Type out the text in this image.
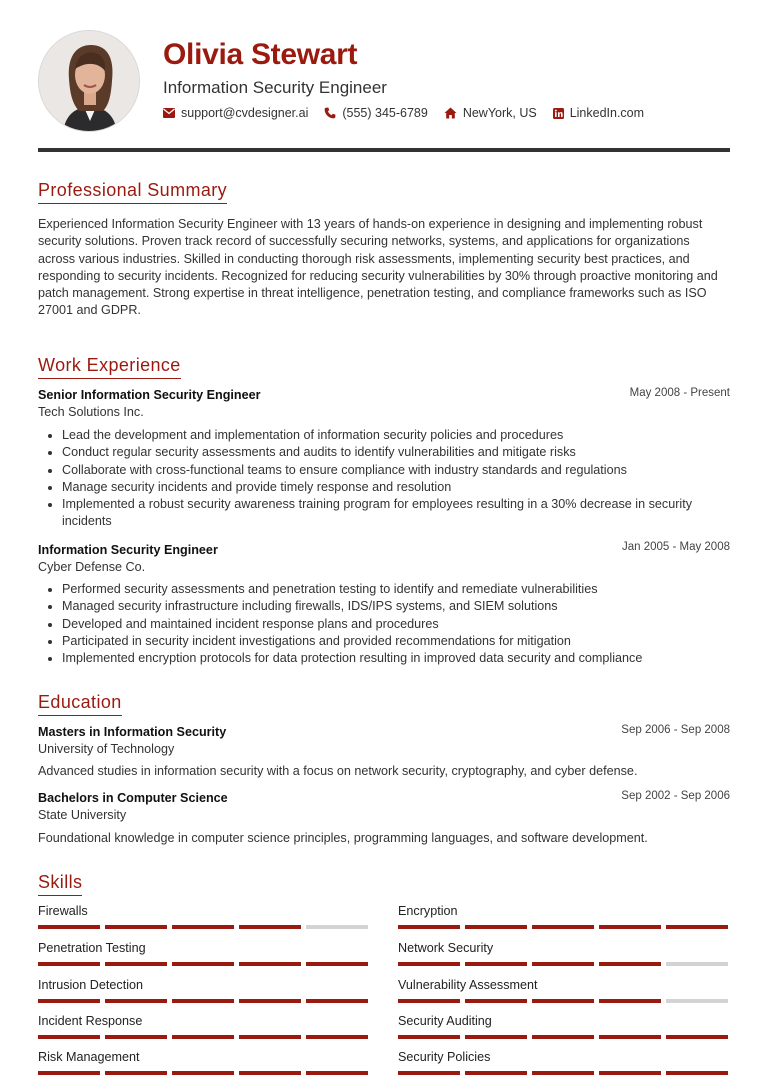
Olivia Stewart
Information Security Engineer
support@cvdesigner.ai	(555) 345-6789	NewYork, US	LinkedIn.com
Professional Summary
Experienced Information Security Engineer with 13 years of hands-on experience in designing and implementing robust security solutions. Proven track record of successfully securing networks, systems, and applications for organizations across various industries. Skilled in conducting thorough risk assessments, implementing security best practices, and responding to security incidents. Recognized for reducing security vulnerabilities by 30% through proactive monitoring and patch management. Strong expertise in threat intelligence, penetration testing, and compliance frameworks such as ISO 27001 and GDPR.
Work Experience
Senior Information Security Engineer	May 2008 - Present
Tech Solutions Inc.
Lead the development and implementation of information security policies and procedures
Conduct regular security assessments and audits to identify vulnerabilities and mitigate risks
Collaborate with cross-functional teams to ensure compliance with industry standards and regulations
Manage security incidents and provide timely response and resolution
Implemented a robust security awareness training program for employees resulting in a 30% decrease in security incidents
Information Security Engineer	Jan 2005 - May 2008
Cyber Defense Co.
Performed security assessments and penetration testing to identify and remediate vulnerabilities
Managed security infrastructure including firewalls, IDS/IPS systems, and SIEM solutions
Developed and maintained incident response plans and procedures
Participated in security incident investigations and provided recommendations for mitigation
Implemented encryption protocols for data protection resulting in improved data security and compliance
Education
Masters in Information Security	Sep 2006 - Sep 2008
University of Technology
Advanced studies in information security with a focus on network security, cryptography, and cyber defense.
Bachelors in Computer Science	Sep 2002 - Sep 2006
State University
Foundational knowledge in computer science principles, programming languages, and software development.
Skills
Firewalls	Encryption
Penetration Testing	Network Security
Intrusion Detection	Vulnerability Assessment
Incident Response	Security Auditing
Risk Management	Security Policies
